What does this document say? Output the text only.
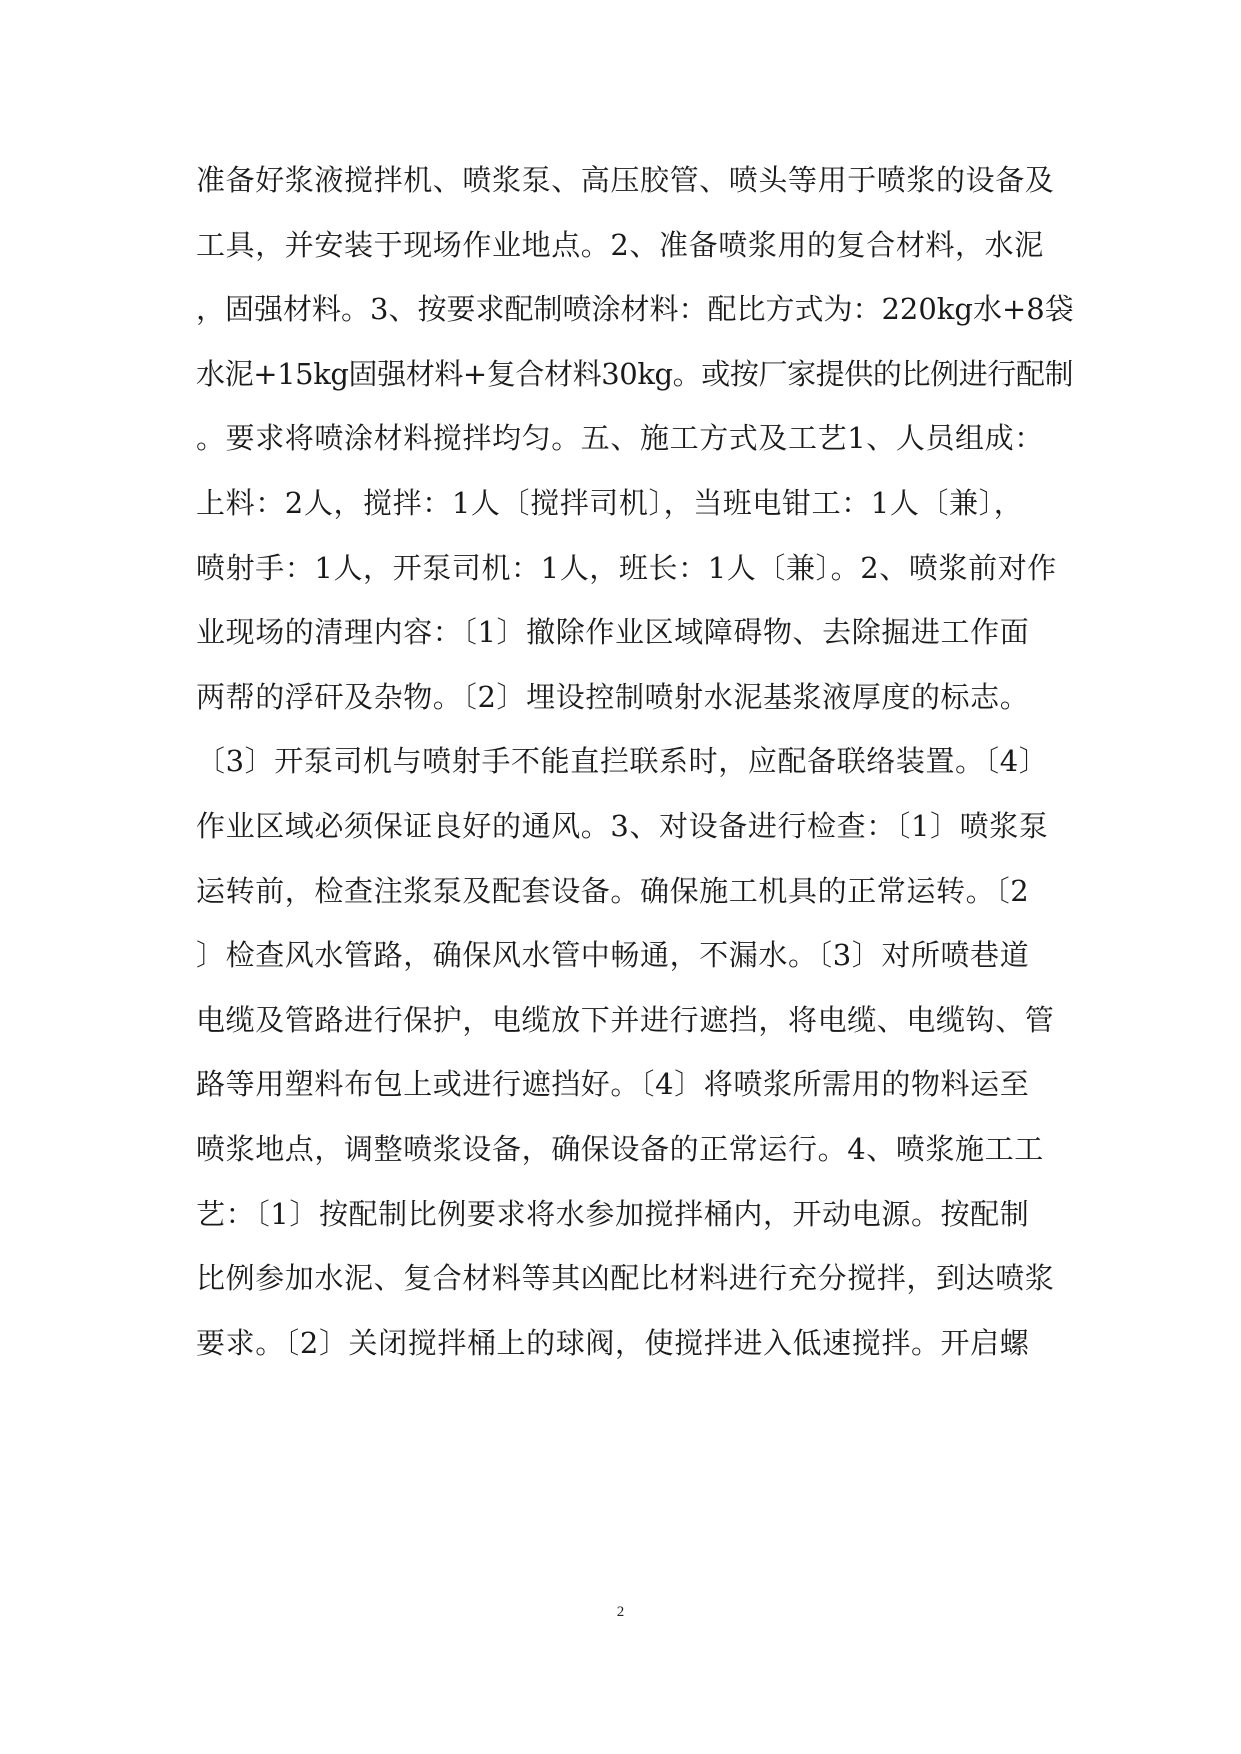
准备好浆液搅拌机、喷浆泵、高压胶管、喷头等用于喷浆的设备及
工具，并安装于现场作业地点。2、准备喷浆用的复合材料，水泥
，固强材料。3、按要求配制喷涂材料：配比方式为：220kg水+8袋
水泥+15kg固强材料+复合材料30kg。或按厂家提供的比例进行配制
。要求将喷涂材料搅拌均匀。五、施工方式及工艺1、人员组成：
上料：2人，搅拌：1人〔搅拌司机〕，当班电钳工：1人〔兼〕，
喷射手：1人，开泵司机：1人，班长：1人〔兼〕。2、喷浆前对作
业现场的清理内容：〔1〕撤除作业区域障碍物、去除掘进工作面
两帮的浮矸及杂物。〔2〕埋设控制喷射水泥基浆液厚度的标志。
〔3〕开泵司机与喷射手不能直拦联系时，应配备联络装置。〔4〕
作业区域必须保证良好的通风。3、对设备进行检查：〔1〕喷浆泵
运转前，检查注浆泵及配套设备。确保施工机具的正常运转。〔2
〕检查风水管路，确保风水管中畅通，不漏水。〔3〕对所喷巷道
电缆及管路进行保护，电缆放下并进行遮挡，将电缆、电缆钩、管
路等用塑料布包上或进行遮挡好。〔4〕将喷浆所需用的物料运至
喷浆地点，调整喷浆设备，确保设备的正常运行。4、喷浆施工工
艺：〔1〕按配制比例要求将水参加搅拌桶内，开动电源。按配制
比例参加水泥、复合材料等其凶配比材料进行充分搅拌，到达喷浆
要求。〔2〕关闭搅拌桶上的球阀，使搅拌进入低速搅拌。开启螺
2
